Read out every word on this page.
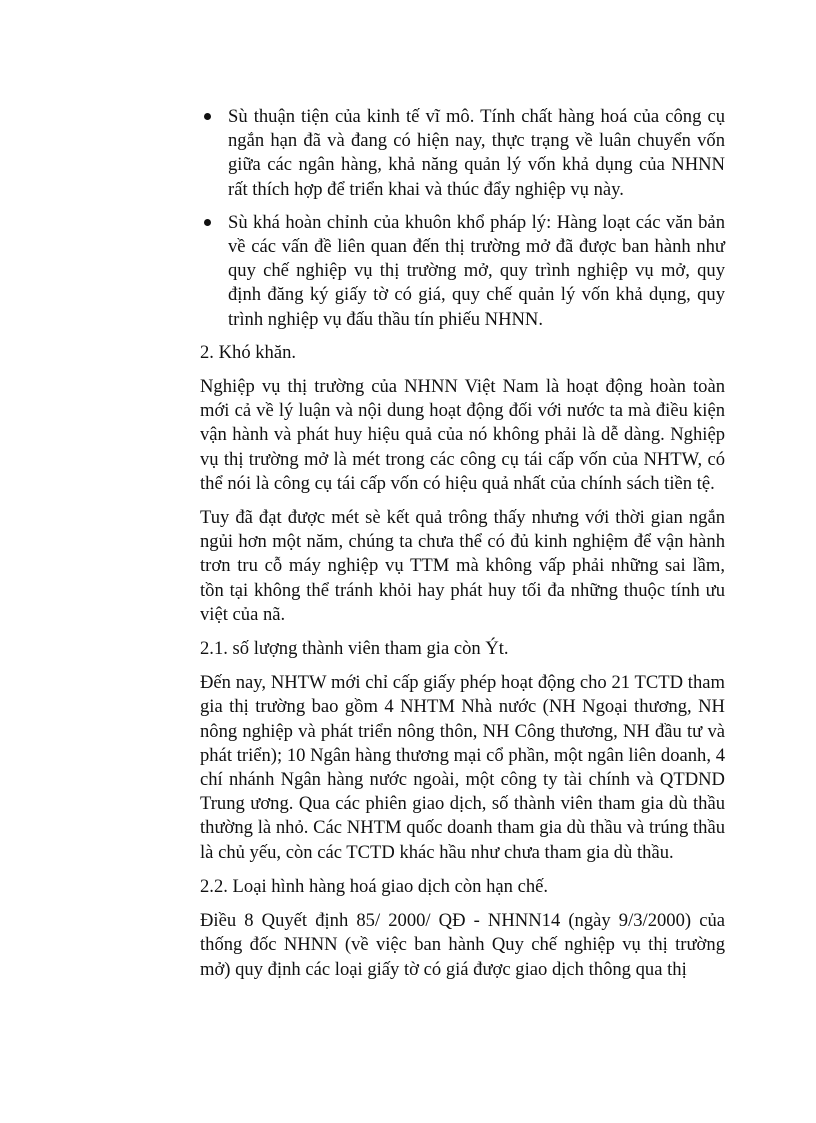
Sù thuận tiện của kinh tế vĩ mô. Tính chất hàng hoá của công cụ ngắn hạn đã và đang có hiện nay, thực trạng về luân chuyển vốn giữa các ngân hàng, khả năng quản lý vốn khả dụng của NHNN rất thích hợp để triển khai và thúc đẩy nghiệp vụ này.
Sù khá hoàn chỉnh của khuôn khổ pháp lý: Hàng loạt các văn bản về các vấn đề liên quan đến thị trường mở đã được ban hành như quy chế nghiệp vụ thị trường mở, quy trình nghiệp vụ mở, quy định đăng ký giấy tờ có giá, quy chế quản lý vốn khả dụng, quy trình nghiệp vụ đấu thầu tín phiếu NHNN.

2. Khó khăn.

Nghiệp vụ thị trường của NHNN Việt Nam là hoạt động hoàn toàn mới cả về lý luận và nội dung hoạt động đối với nước ta mà điều kiện vận hành và phát huy hiệu quả của nó không phải là dễ dàng. Nghiệp vụ thị trường mở là mét trong các công cụ tái cấp vốn của NHTW, có thể nói là công cụ tái cấp vốn có hiệu quả nhất của chính sách tiền tệ.

Tuy đã đạt được mét sè kết quả trông thấy nhưng với thời gian ngắn ngủi hơn một năm, chúng ta chưa thể có đủ kinh nghiệm để vận hành trơn tru cỗ máy nghiệp vụ TTM mà không vấp phải những sai lầm, tồn tại không thể tránh khỏi hay phát huy tối đa những thuộc tính ưu việt của nã.

2.1. số lượng thành viên tham gia còn Ýt.

Đến nay, NHTW mới chỉ cấp giấy phép hoạt động cho 21 TCTD tham gia thị trường bao gồm 4 NHTM Nhà nước (NH Ngoại thương, NH nông nghiệp và phát triển nông thôn, NH Công thương, NH đầu tư và phát triển); 10 Ngân hàng thương mại cổ phần, một ngân liên doanh, 4 chí nhánh Ngân hàng nước ngoài, một công ty tài chính và QTDND Trung ương. Qua các phiên giao dịch, số thành viên tham gia dù thầu thường là nhỏ. Các NHTM quốc doanh tham gia dù thầu và trúng thầu là chủ yếu, còn các TCTD khác hầu như chưa tham gia dù thầu.

2.2. Loại hình hàng hoá giao dịch còn hạn chế.

Điều 8 Quyết định 85/ 2000/ QĐ - NHNN14 (ngày 9/3/2000) của thống đốc NHNN (về việc ban hành Quy chế nghiệp vụ thị trường mở) quy định các loại giấy tờ có giá được giao dịch thông qua thị
